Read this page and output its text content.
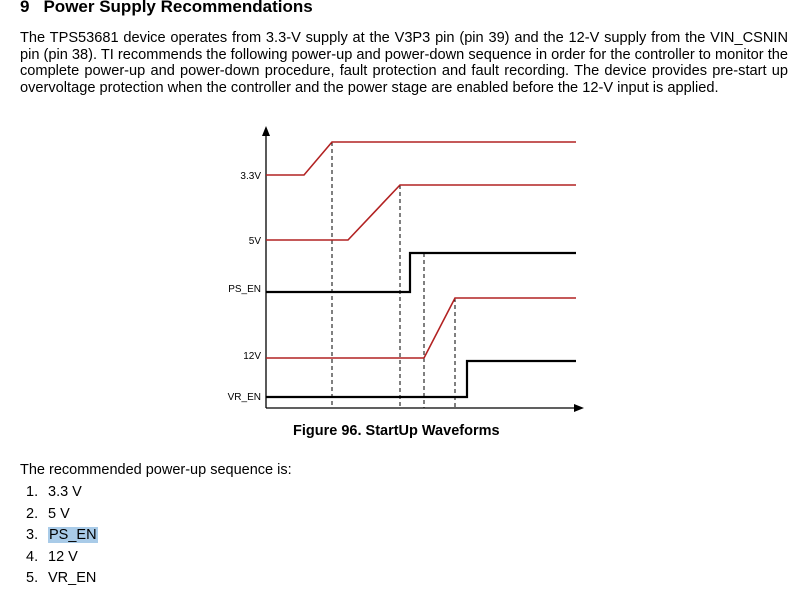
9 Power Supply Recommendations
The TPS53681 device operates from 3.3-V supply at the V3P3 pin (pin 39) and the 12-V supply from the VIN_CSNIN pin (pin 38). TI recommends the following power-up and power-down sequence in order for the controller to monitor the complete power-up and power-down procedure, fault protection and fault recording. The device provides pre-start up overvoltage protection when the controller and the power stage are enabled before the 12-V input is applied.
3.3V
5V
PS_EN
12V
VR_EN
Figure 96. StartUp Waveforms
The recommended power-up sequence is:
1. 3.3 V
2. 5 V
3. PS_EN
4. 12 V
5. VR_EN
